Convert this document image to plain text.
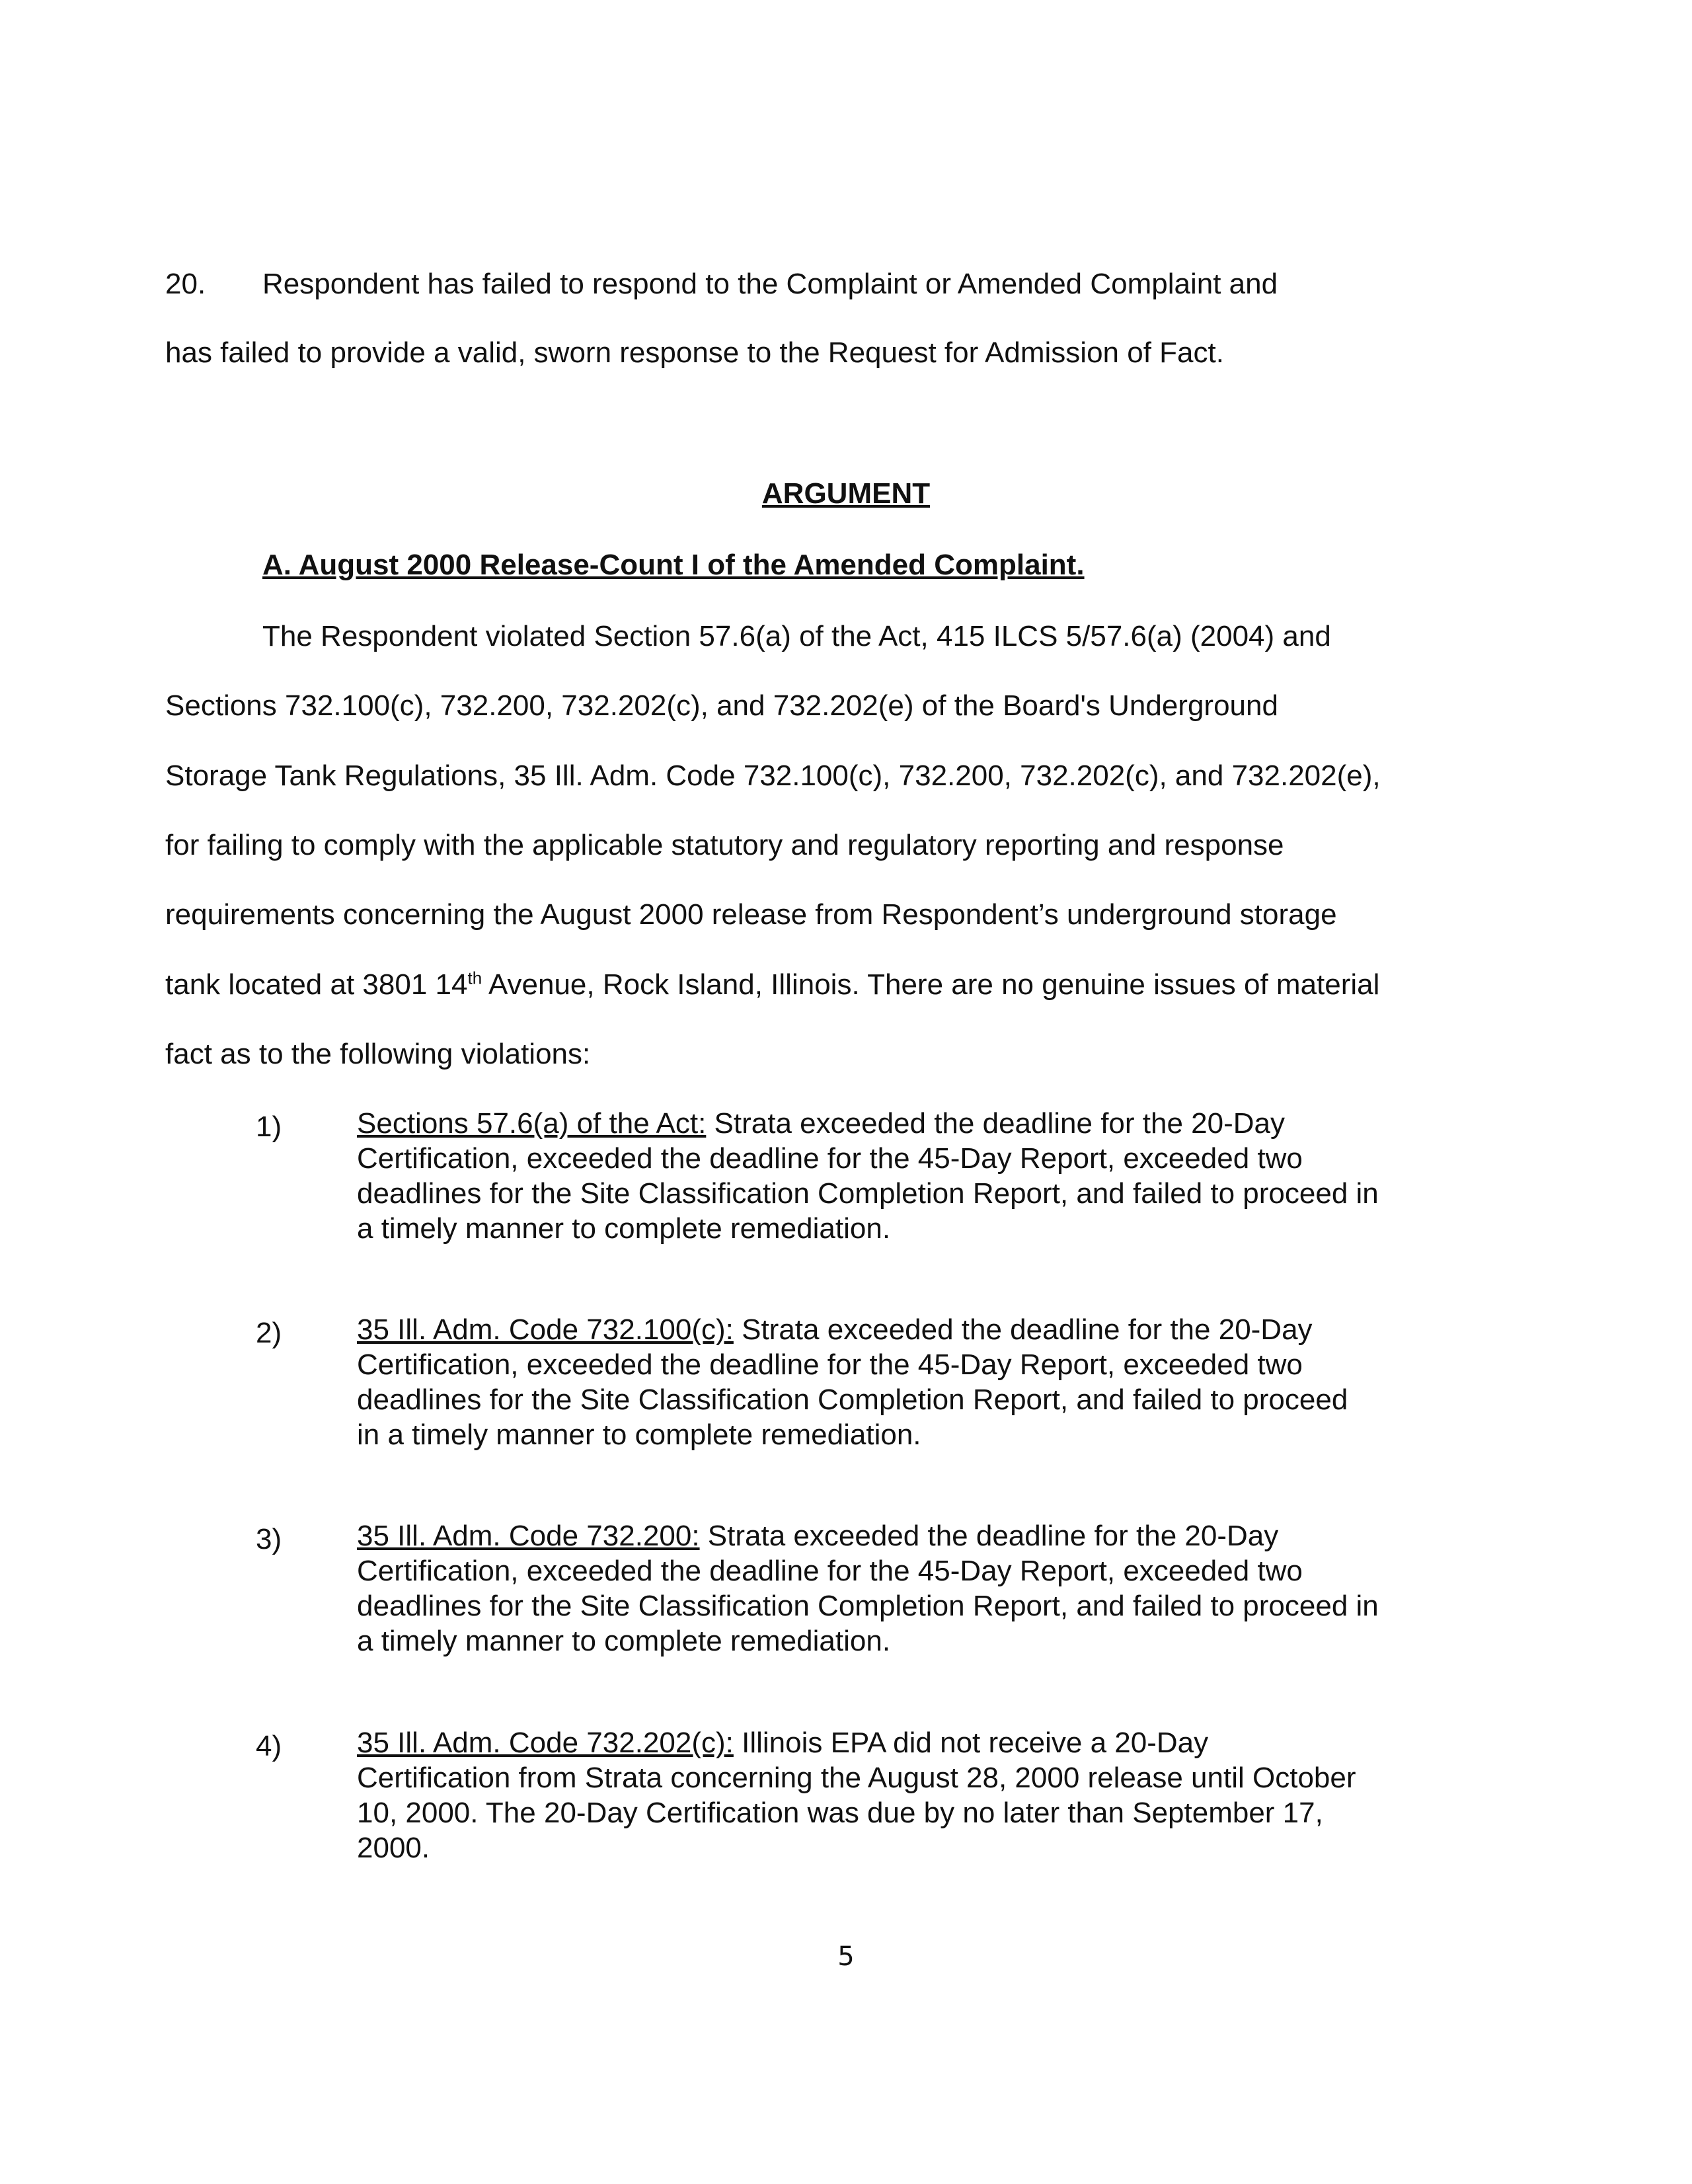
20. Respondent has failed to respond to the Complaint or Amended Complaint and
has failed to provide a valid, sworn response to the Request for Admission of Fact.
ARGUMENT
A. August 2000 Release-Count I of the Amended Complaint.
The Respondent violated Section 57.6(a) of the Act, 415 ILCS 5/57.6(a) (2004) and
Sections 732.100(c), 732.200, 732.202(c), and 732.202(e) of the Board's Underground
Storage Tank Regulations, 35 Ill. Adm. Code 732.100(c), 732.200, 732.202(c), and 732.202(e),
for failing to comply with the applicable statutory and regulatory reporting and response
requirements concerning the August 2000 release from Respondent’s underground storage
tank located at 3801 14th Avenue, Rock Island, Illinois. There are no genuine issues of material
fact as to the following violations:
1)	Sections 57.6(a) of the Act: Strata exceeded the deadline for the 20-Day Certification, exceeded the deadline for the 45-Day Report, exceeded two deadlines for the Site Classification Completion Report, and failed to proceed in a timely manner to complete remediation.
2)	35 Ill. Adm. Code 732.100(c): Strata exceeded the deadline for the 20-Day Certification, exceeded the deadline for the 45-Day Report, exceeded two deadlines for the Site Classification Completion Report, and failed to proceed in a timely manner to complete remediation.
3)	35 Ill. Adm. Code 732.200: Strata exceeded the deadline for the 20-Day Certification, exceeded the deadline for the 45-Day Report, exceeded two deadlines for the Site Classification Completion Report, and failed to proceed in a timely manner to complete remediation.
4)	35 Ill. Adm. Code 732.202(c): Illinois EPA did not receive a 20-Day Certification from Strata concerning the August 28, 2000 release until October 10, 2000. The 20-Day Certification was due by no later than September 17, 2000.
5
